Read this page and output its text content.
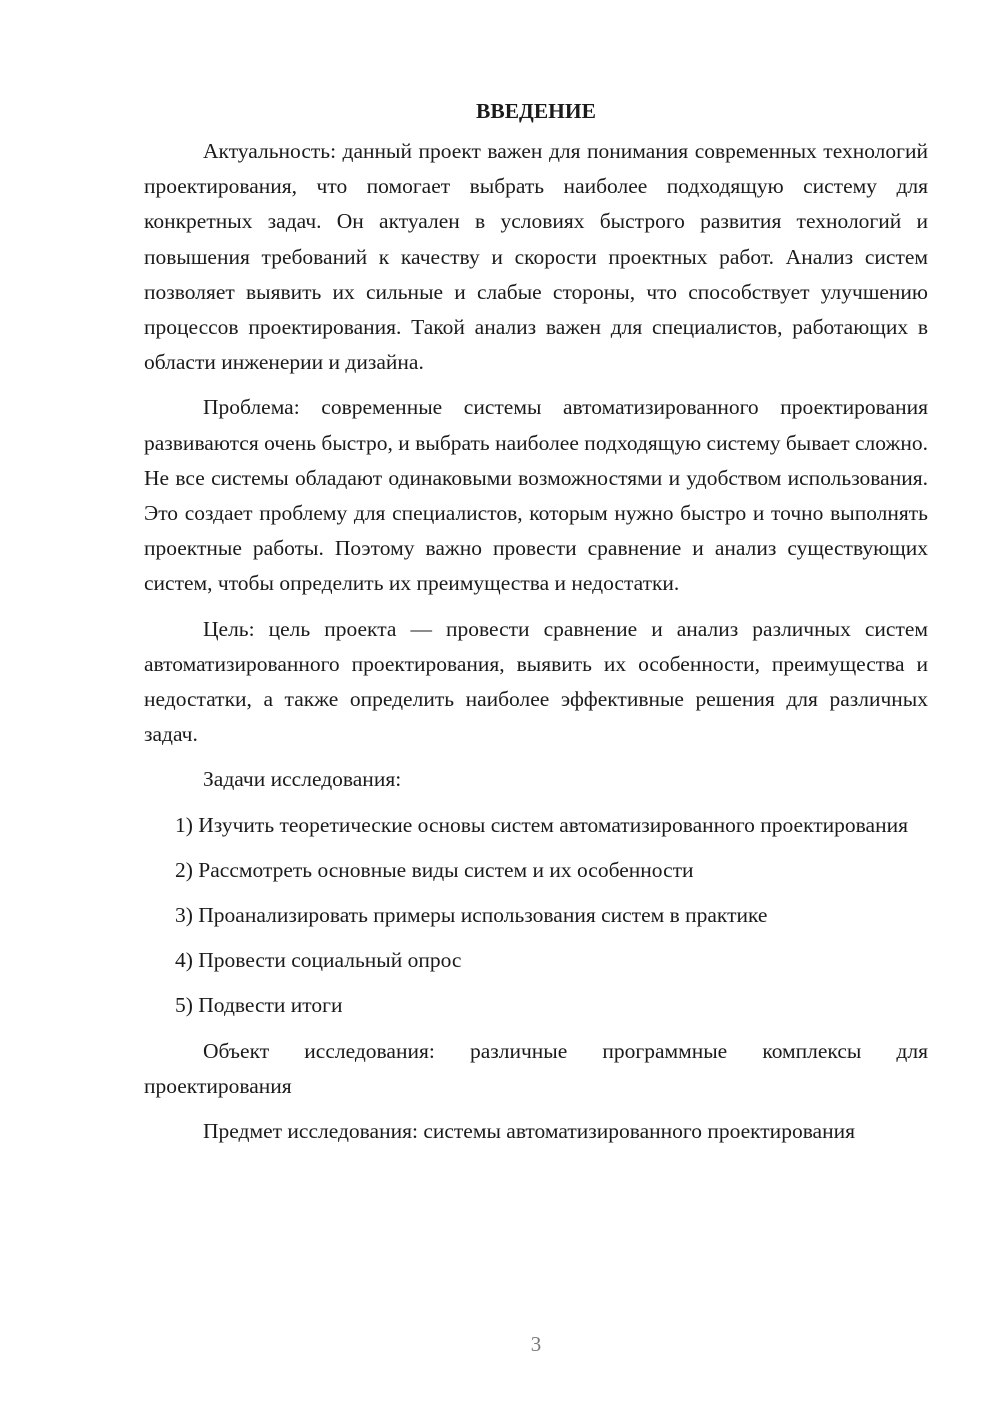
ВВЕДЕНИЕ

Актуальность: данный проект важен для понимания современных технологий проектирования, что помогает выбрать наиболее подходящую систему для конкретных задач. Он актуален в условиях быстрого развития технологий и повышения требований к качеству и скорости проектных работ. Анализ систем позволяет выявить их сильные и слабые стороны, что способствует улучшению процессов проектирования. Такой анализ важен для специалистов, работающих в области инженерии и дизайна.

Проблема: современные системы автоматизированного проектирования развиваются очень быстро, и выбрать наиболее подходящую систему бывает сложно. Не все системы обладают одинаковыми возможностями и удобством использования. Это создает проблему для специалистов, которым нужно быстро и точно выполнять проектные работы. Поэтому важно провести сравнение и анализ существующих систем, чтобы определить их преимущества и недостатки.

Цель: цель проекта — провести сравнение и анализ различных систем автоматизированного проектирования, выявить их особенности, преимущества и недостатки, а также определить наиболее эффективные решения для различных задач.

Задачи исследования:

1) Изучить теоретические основы систем автоматизированного проектирования

2) Рассмотреть основные виды систем и их особенности

3) Проанализировать примеры использования систем в практике

4) Провести социальный опрос

5) Подвести итоги

Объект исследования: различные программные комплексы для проектирования

Предмет исследования: системы автоматизированного проектирования

3
